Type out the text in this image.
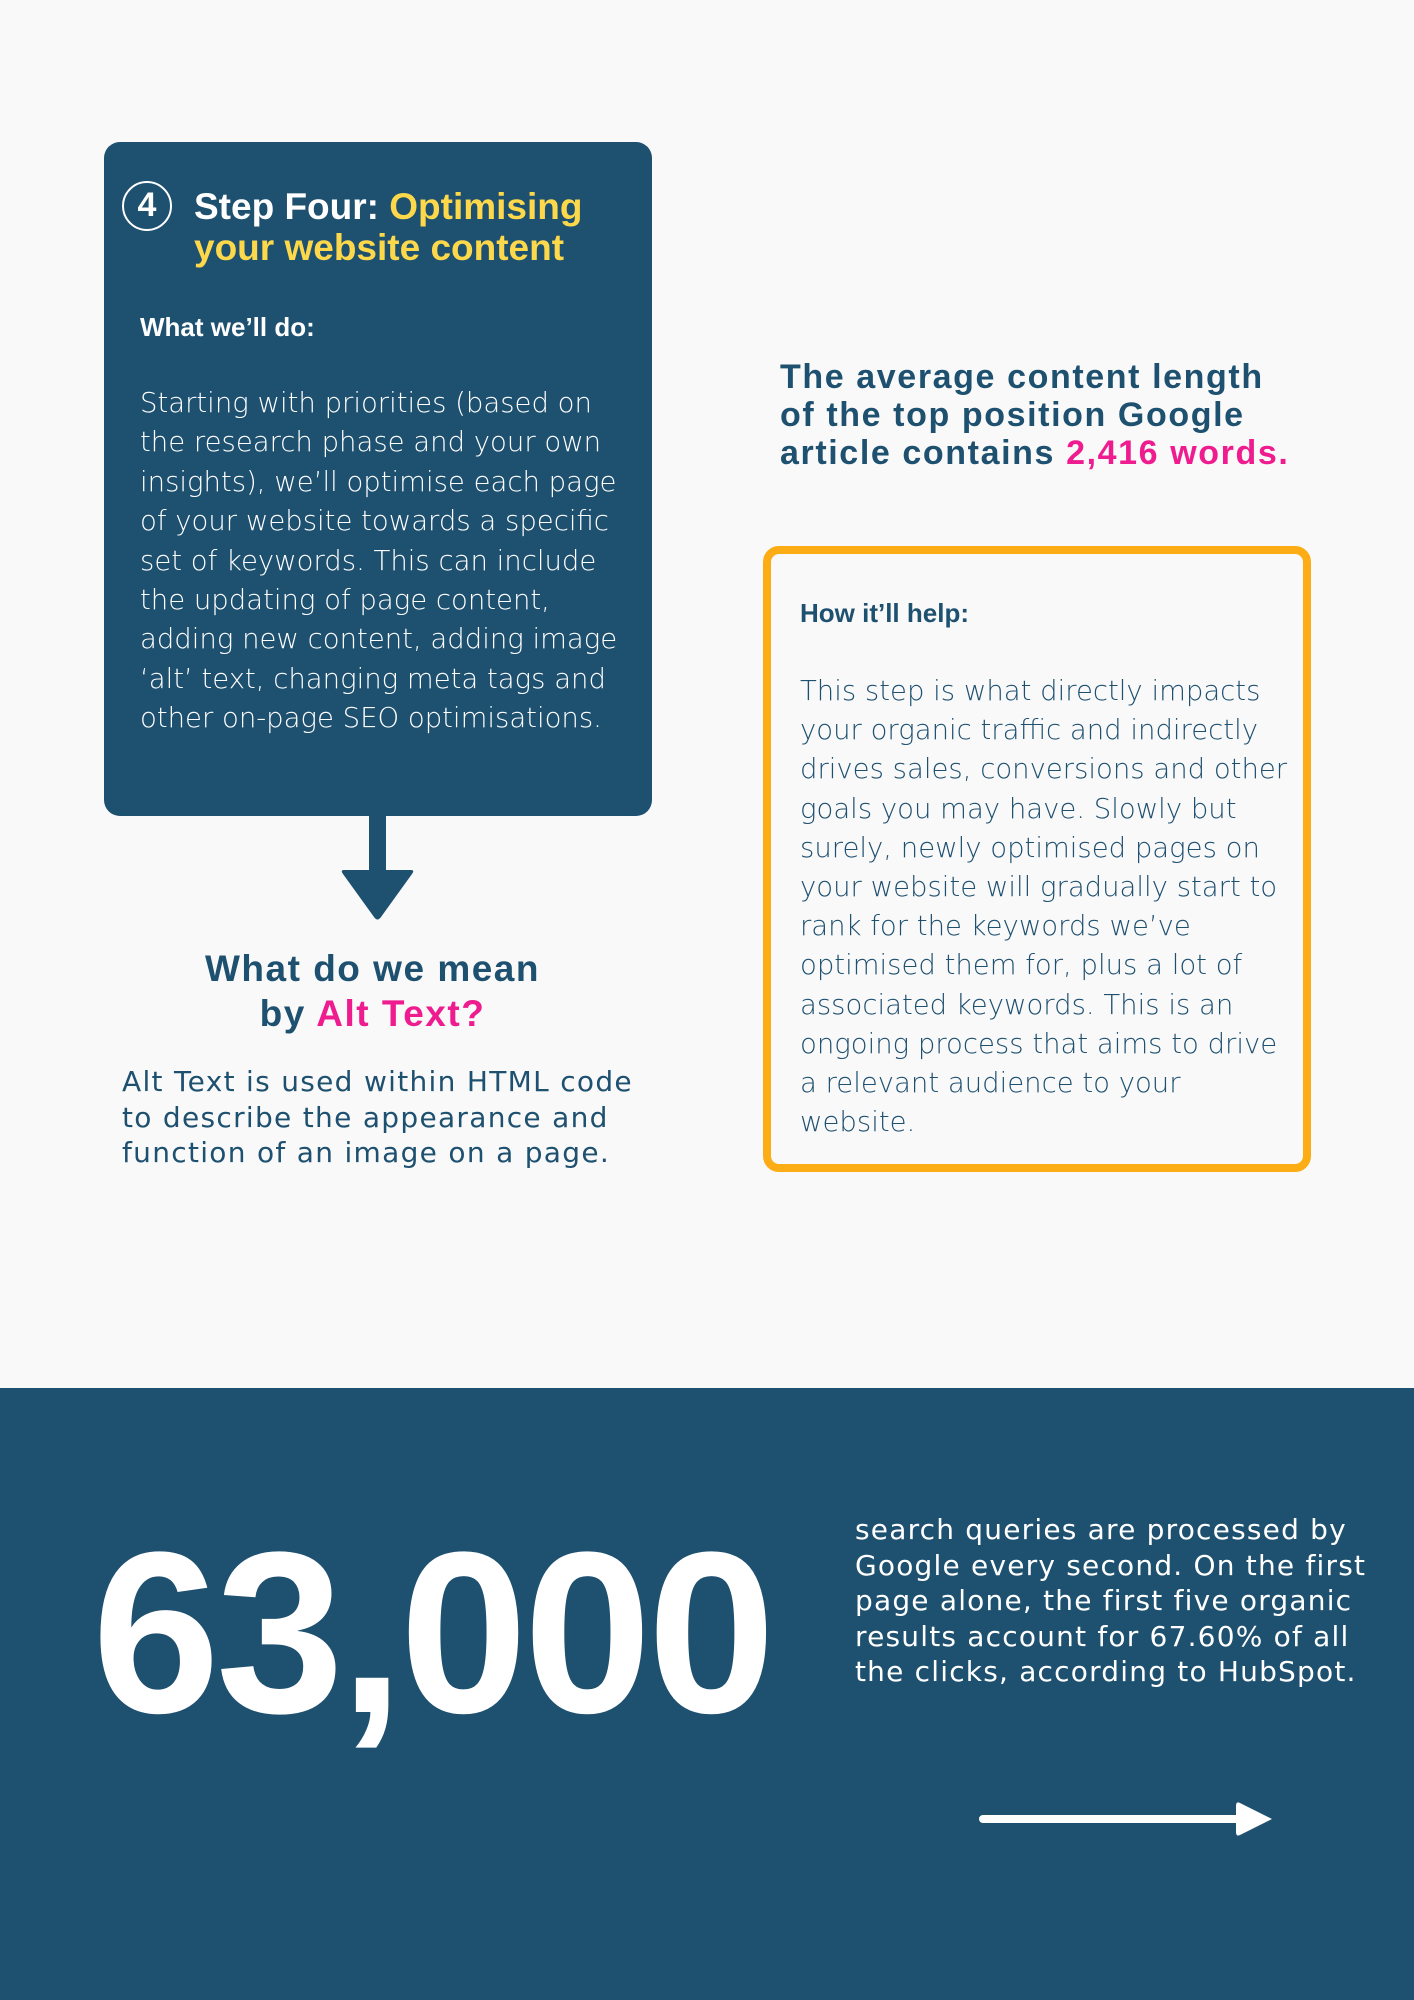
4	Step Four: Optimising your website content

What we’ll do:

Starting with priorities (based on the research phase and your own insights), we’ll optimise each page of your website towards a specific set of keywords. This can include the updating of page content, adding new content, adding image ‘alt’ text, changing meta tags and other on-page SEO optimisations.

What do we mean
by Alt Text?

Alt Text is used within HTML code to describe the appearance and function of an image on a page.

The average content length of the top position Google article contains 2,416 words.

How it’ll help:

This step is what directly impacts your organic traffic and indirectly drives sales, conversions and other goals you may have. Slowly but surely, newly optimised pages on your website will gradually start to rank for the keywords we’ve optimised them for, plus a lot of associated keywords. This is an ongoing process that aims to drive a relevant audience to your website.

63,000	search queries are processed by Google every second. On the first page alone, the first five organic results account for 67.60% of all the clicks, according to HubSpot.
